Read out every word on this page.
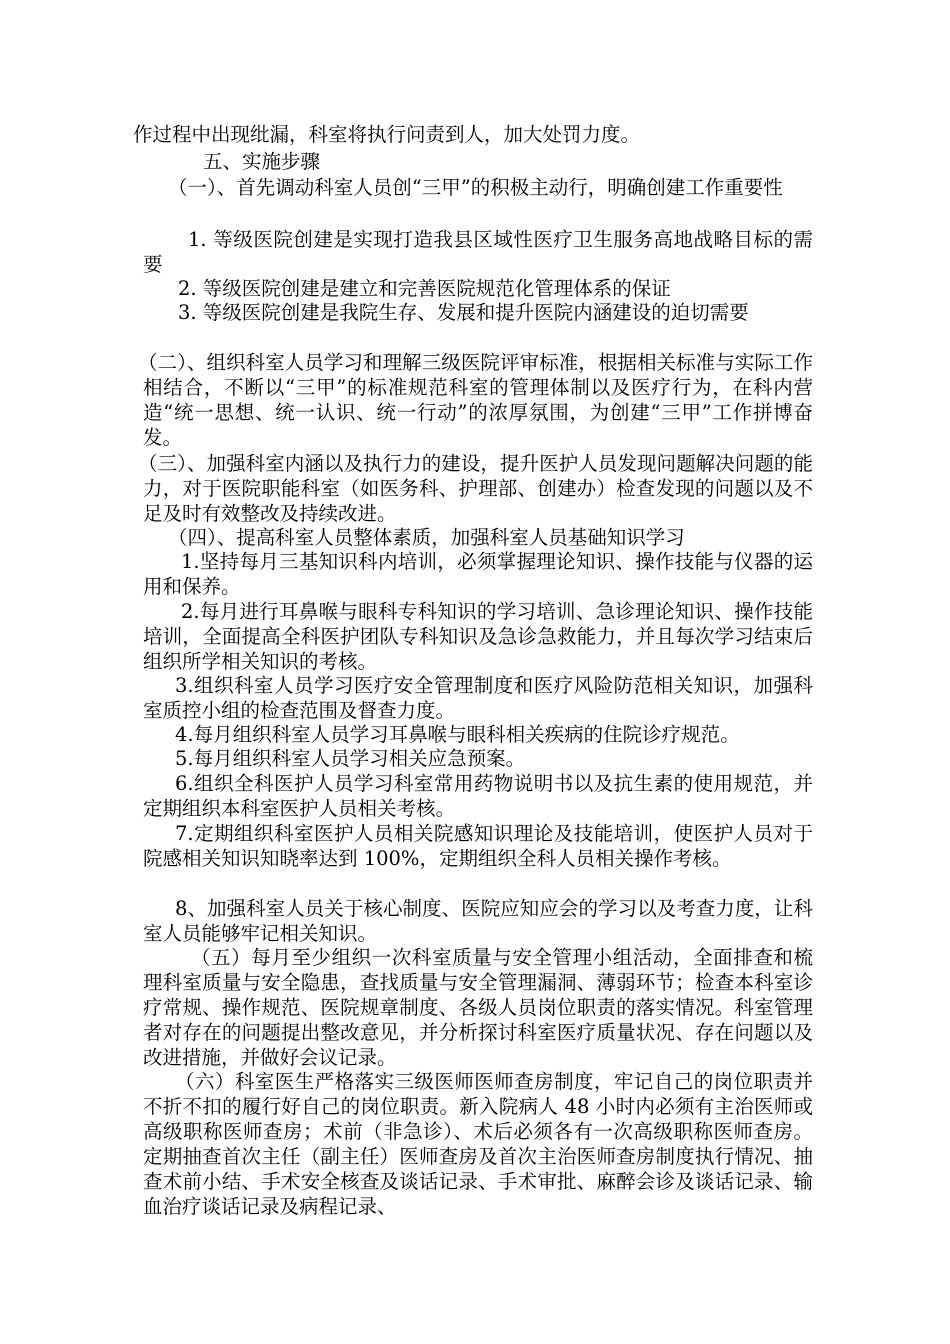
作过程中出现纰漏，科室将执行问责到人，加大处罚力度。

五、实施步骤

（一）、首先调动科室人员创“三甲”的积极主动行，明确创建工作重要性

1. 等级医院创建是实现打造我县区域性医疗卫生服务高地战略目标的需要

2. 等级医院创建是建立和完善医院规范化管理体系的保证

3. 等级医院创建是我院生存、发展和提升医院内涵建设的迫切需要

（二）、组织科室人员学习和理解三级医院评审标准，根据相关标准与实际工作相结合，不断以“三甲”的标准规范科室的管理体制以及医疗行为，在科内营造“统一思想、统一认识、统一行动”的浓厚氛围，为创建“三甲”工作拼博奋发。

（三）、加强科室内涵以及执行力的建设，提升医护人员发现问题解决问题的能力，对于医院职能科室（如医务科、护理部、创建办）检查发现的问题以及不足及时有效整改及持续改进。

（四）、提高科室人员整体素质，加强科室人员基础知识学习

1.坚持每月三基知识科内培训，必须掌握理论知识、操作技能与仪器的运用和保养。

2.每月进行耳鼻喉与眼科专科知识的学习培训、急诊理论知识、操作技能培训，全面提高全科医护团队专科知识及急诊急救能力，并且每次学习结束后组织所学相关知识的考核。

3.组织科室人员学习医疗安全管理制度和医疗风险防范相关知识，加强科室质控小组的检查范围及督查力度。

4.每月组织科室人员学习耳鼻喉与眼科相关疾病的住院诊疗规范。

5.每月组织科室人员学习相关应急预案。

6.组织全科医护人员学习科室常用药物说明书以及抗生素的使用规范，并定期组织本科室医护人员相关考核。

7.定期组织科室医护人员相关院感知识理论及技能培训，使医护人员对于院感相关知识知晓率达到 100%，定期组织全科人员相关操作考核。

8、加强科室人员关于核心制度、医院应知应会的学习以及考查力度，让科室人员能够牢记相关知识。

（五）每月至少组织一次科室质量与安全管理小组活动，全面排查和梳理科室质量与安全隐患，查找质量与安全管理漏洞、薄弱环节；检查本科室诊疗常规、操作规范、医院规章制度、各级人员岗位职责的落实情况。科室管理者对存在的问题提出整改意见，并分析探讨科室医疗质量状况、存在问题以及改进措施，并做好会议记录。

（六）科室医生严格落实三级医师医师查房制度，牢记自己的岗位职责并不折不扣的履行好自己的岗位职责。新入院病人 48 小时内必须有主治医师或高级职称医师查房；术前（非急诊）、术后必须各有一次高级职称医师查房。定期抽查首次主任（副主任）医师查房及首次主治医师查房制度执行情况、抽查术前小结、手术安全核查及谈话记录、手术审批、麻醉会诊及谈话记录、输血治疗谈话记录及病程记录、
